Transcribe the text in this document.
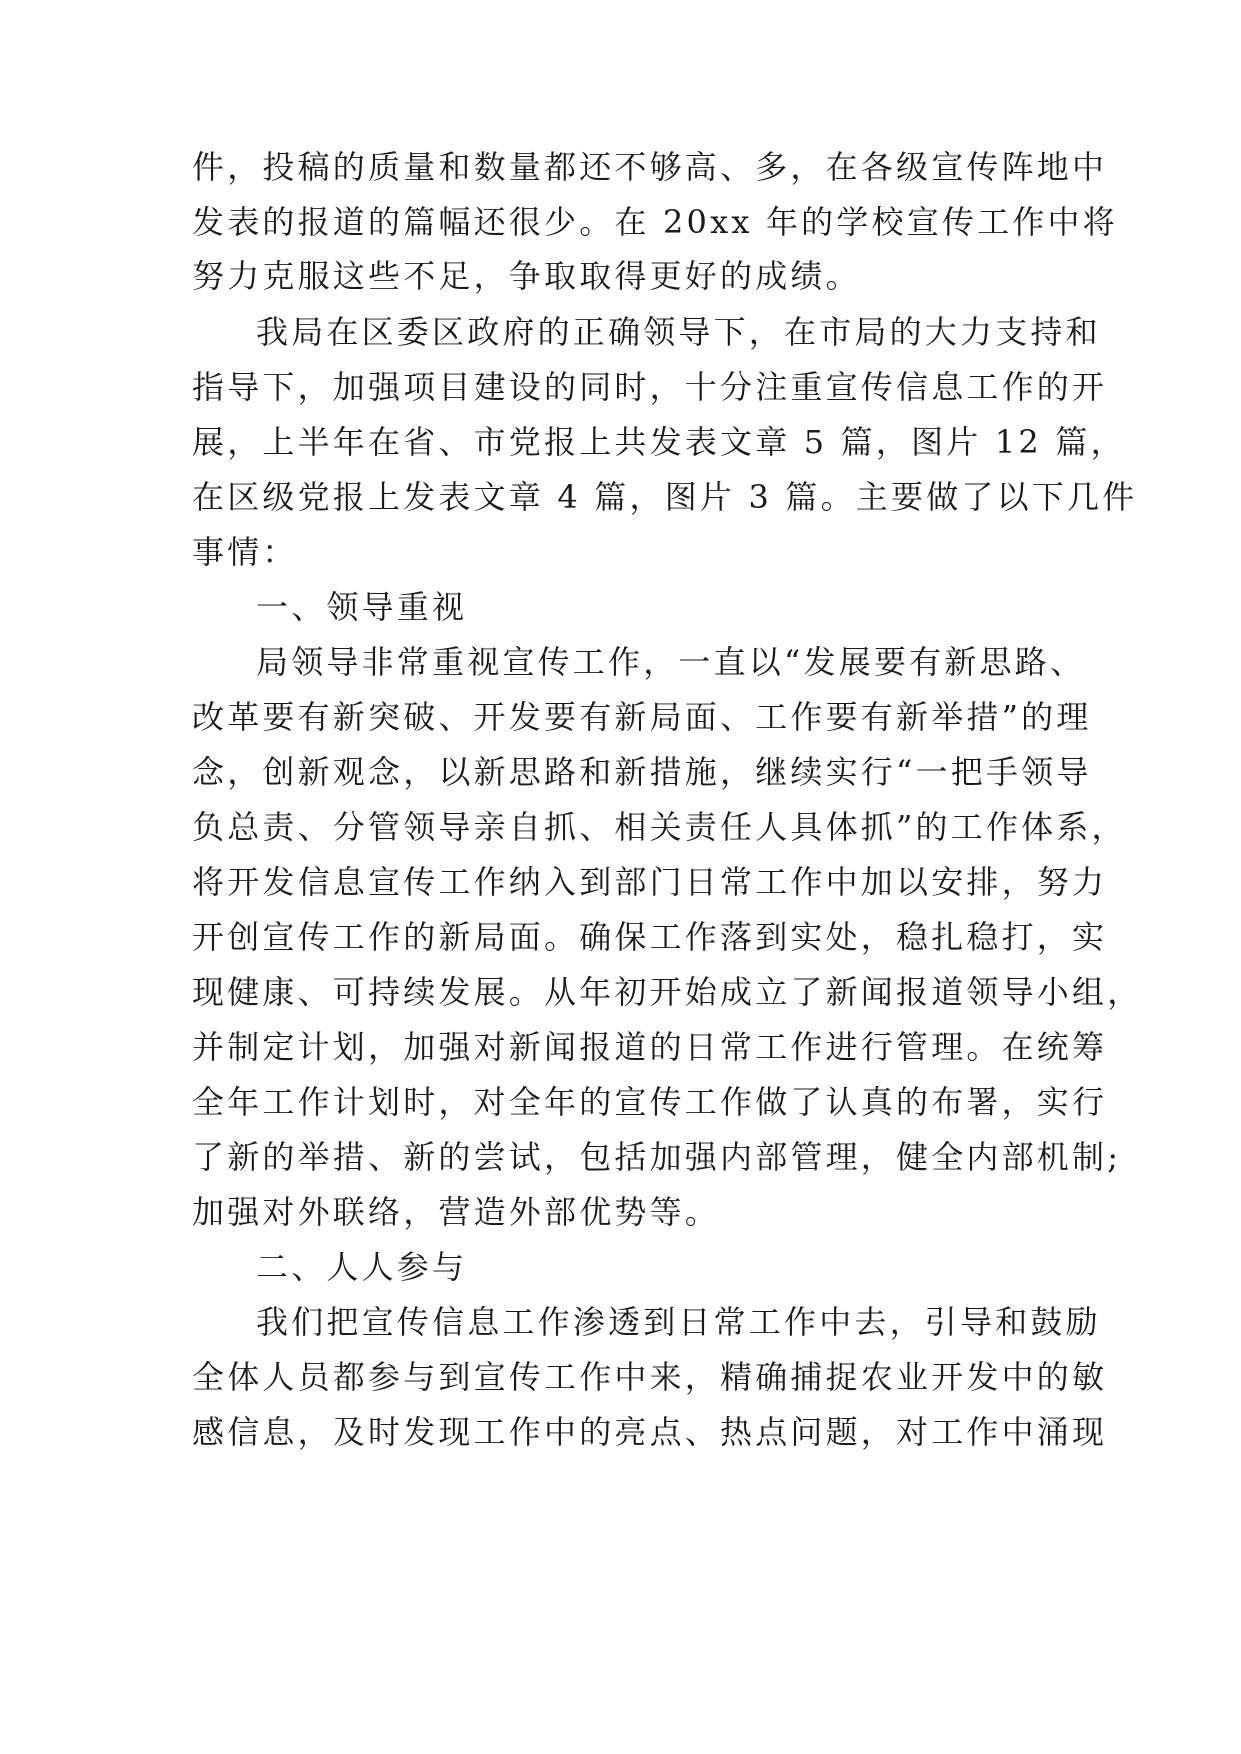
件，投稿的质量和数量都还不够高、多，在各级宣传阵地中
发表的报道的篇幅还很少。在 20xx 年的学校宣传工作中将
努力克服这些不足，争取取得更好的成绩。
我局在区委区政府的正确领导下，在市局的大力支持和
指导下，加强项目建设的同时，十分注重宣传信息工作的开
展，上半年在省、市党报上共发表文章 5 篇，图片 12 篇，
在区级党报上发表文章 4 篇，图片 3 篇。主要做了以下几件
事情：
一、领导重视
局领导非常重视宣传工作，一直以“发展要有新思路、
改革要有新突破、开发要有新局面、工作要有新举措”的理
念，创新观念，以新思路和新措施，继续实行“一把手领导
负总责、分管领导亲自抓、相关责任人具体抓”的工作体系，
将开发信息宣传工作纳入到部门日常工作中加以安排，努力
开创宣传工作的新局面。确保工作落到实处，稳扎稳打，实
现健康、可持续发展。从年初开始成立了新闻报道领导小组，
并制定计划，加强对新闻报道的日常工作进行管理。在统筹
全年工作计划时，对全年的宣传工作做了认真的布署，实行
了新的举措、新的尝试，包括加强内部管理，健全内部机制;
加强对外联络，营造外部优势等。
二、人人参与
我们把宣传信息工作渗透到日常工作中去，引导和鼓励
全体人员都参与到宣传工作中来，精确捕捉农业开发中的敏
感信息，及时发现工作中的亮点、热点问题，对工作中涌现
